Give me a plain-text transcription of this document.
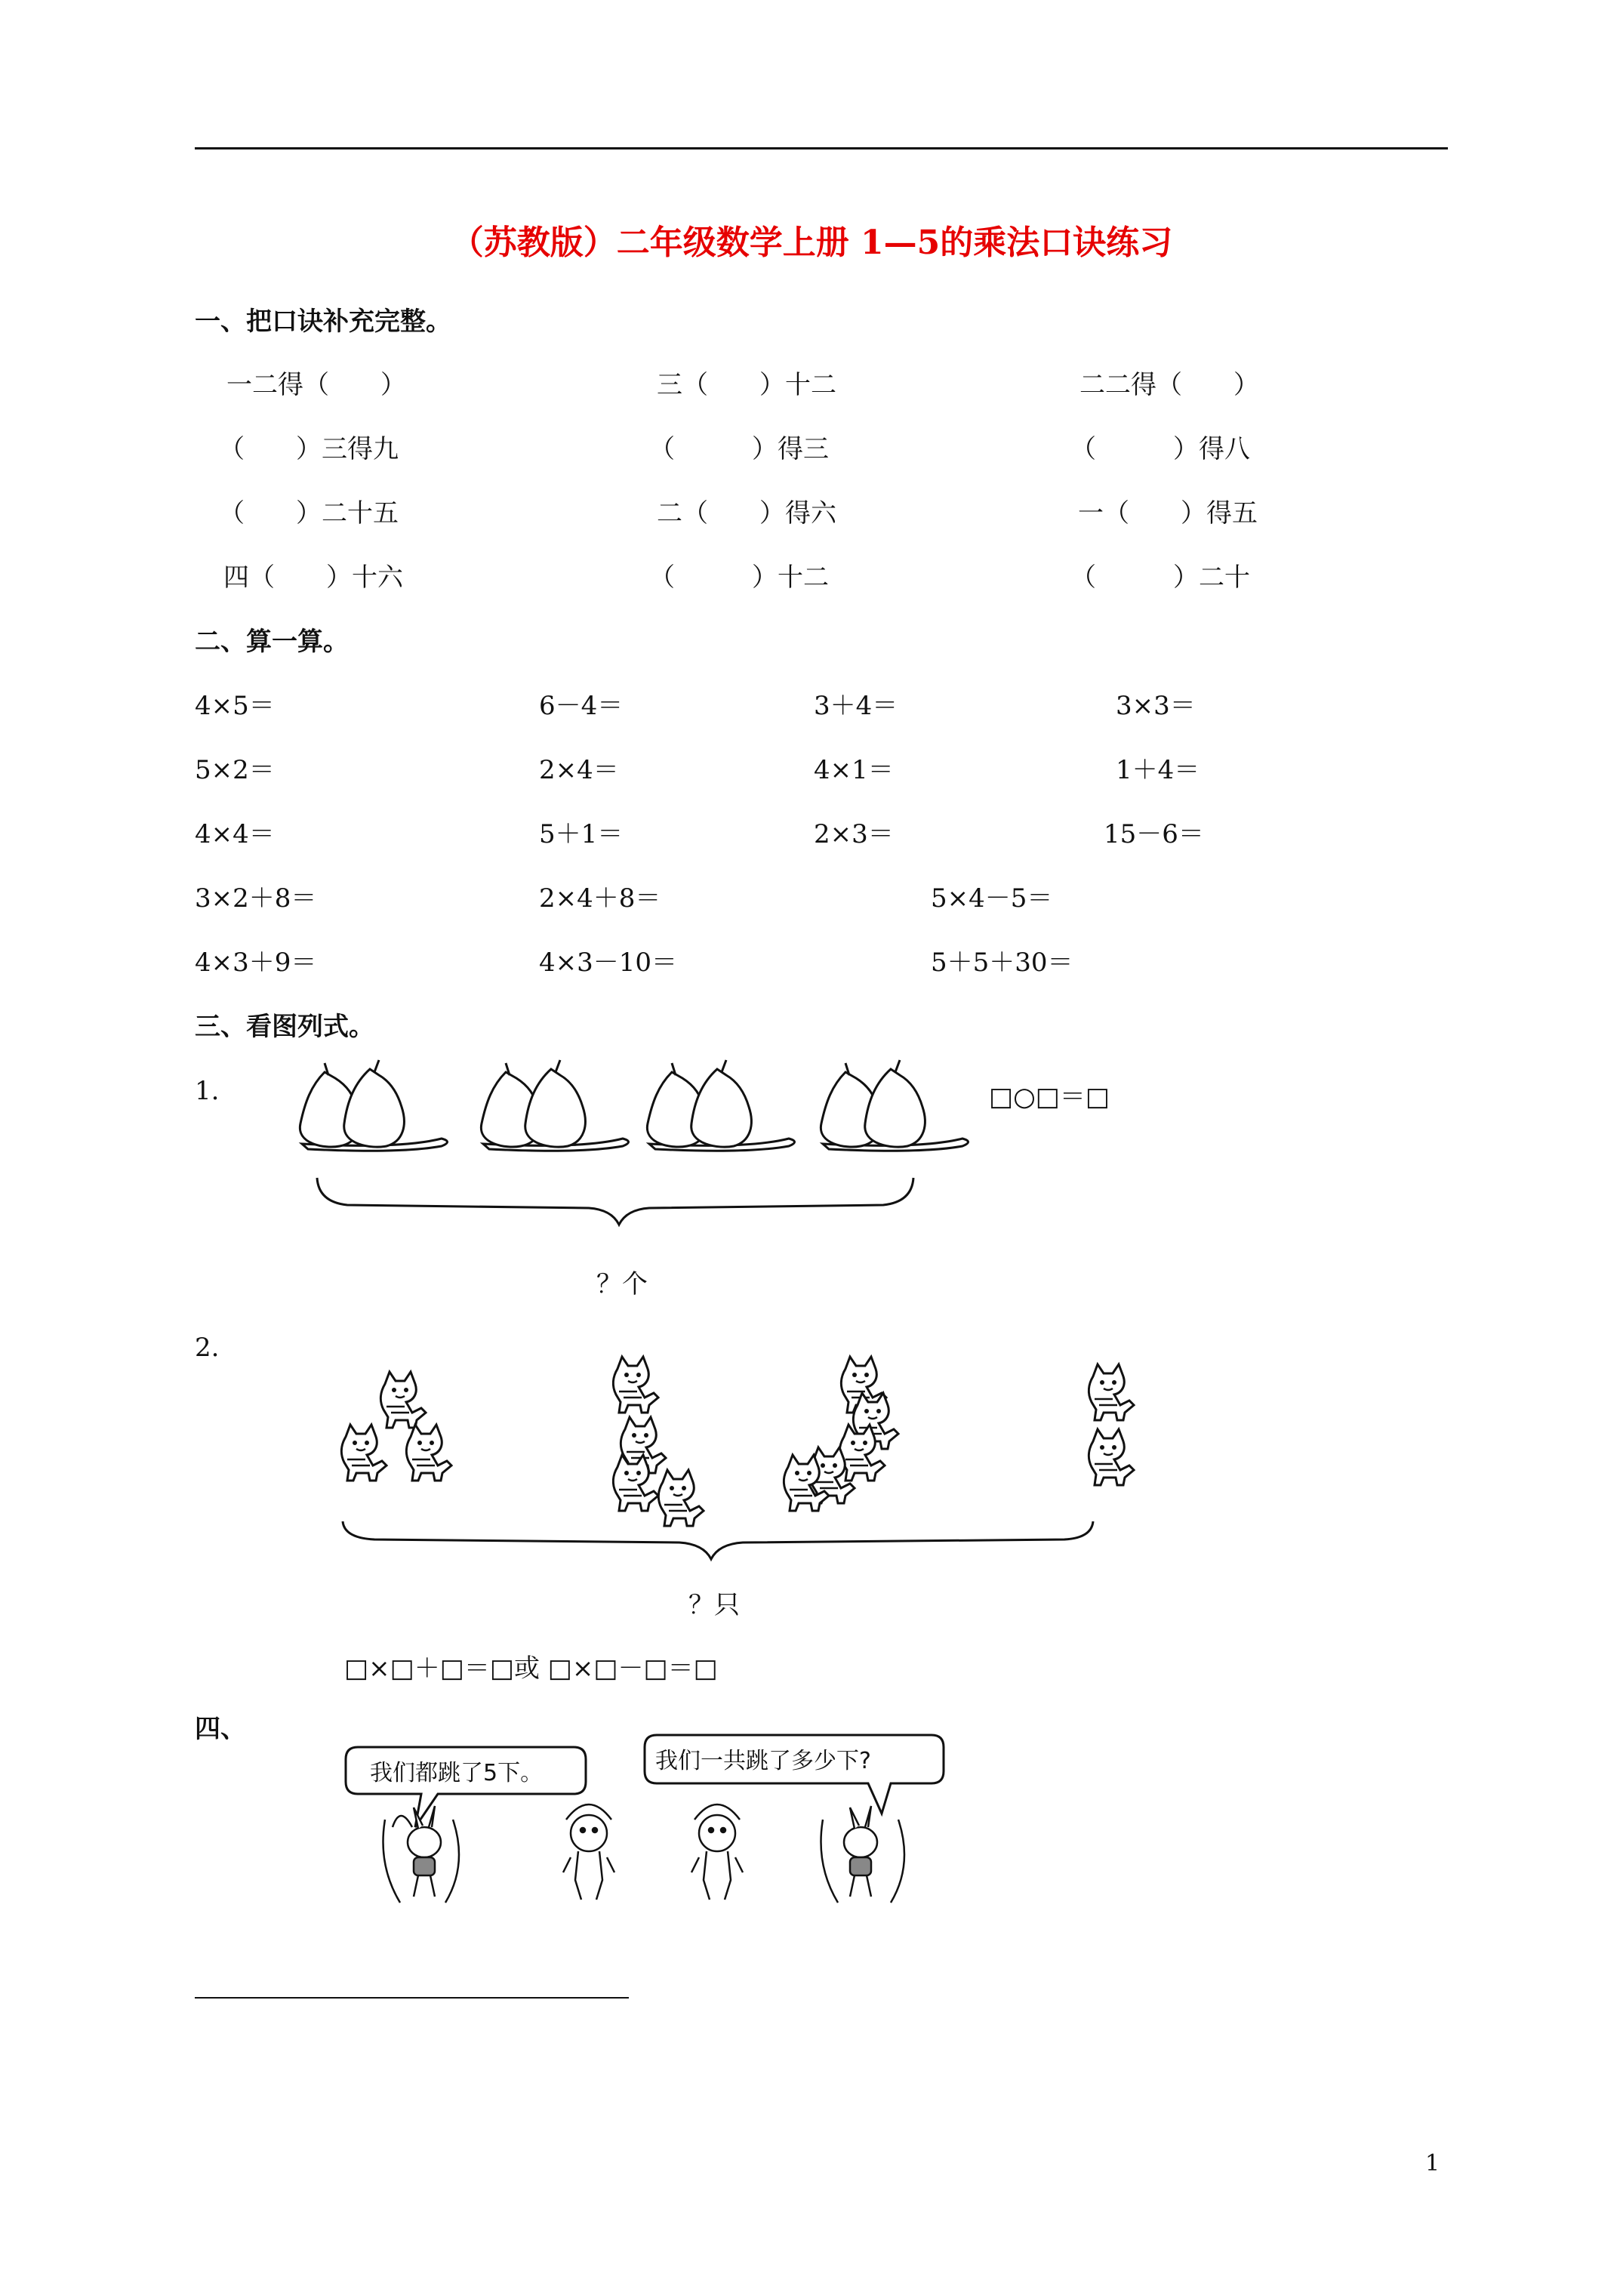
（苏教版）二年级数学上册 1—5的乘法口诀练习
一、把口诀补充完整。
一二得（　　）	三（　　）十二	二二得（　　）
（　　）三得九	（　　　）得三	（　　　）得八
（　　）二十五	二（　　）得六	一（　　）得五
四（　　）十六	（　　　）十二	（　　　）二十
二、算一算。
4×5＝	6－4＝	3＋4＝	3×3＝
5×2＝	2×4＝	4×1＝	1＋4＝
4×4＝	5＋1＝	2×3＝	15－6＝
3×2＋8＝	2×4＋8＝	5×4－5＝
4×3＋9＝	4×3－10＝	5＋5＋30＝
三、看图列式。
1.	□○□＝□
？个
2.
？只
□×□＋□＝□或 □×□－□＝□
四、
我们都跳了5下。	我们一共跳了多少下?
1
